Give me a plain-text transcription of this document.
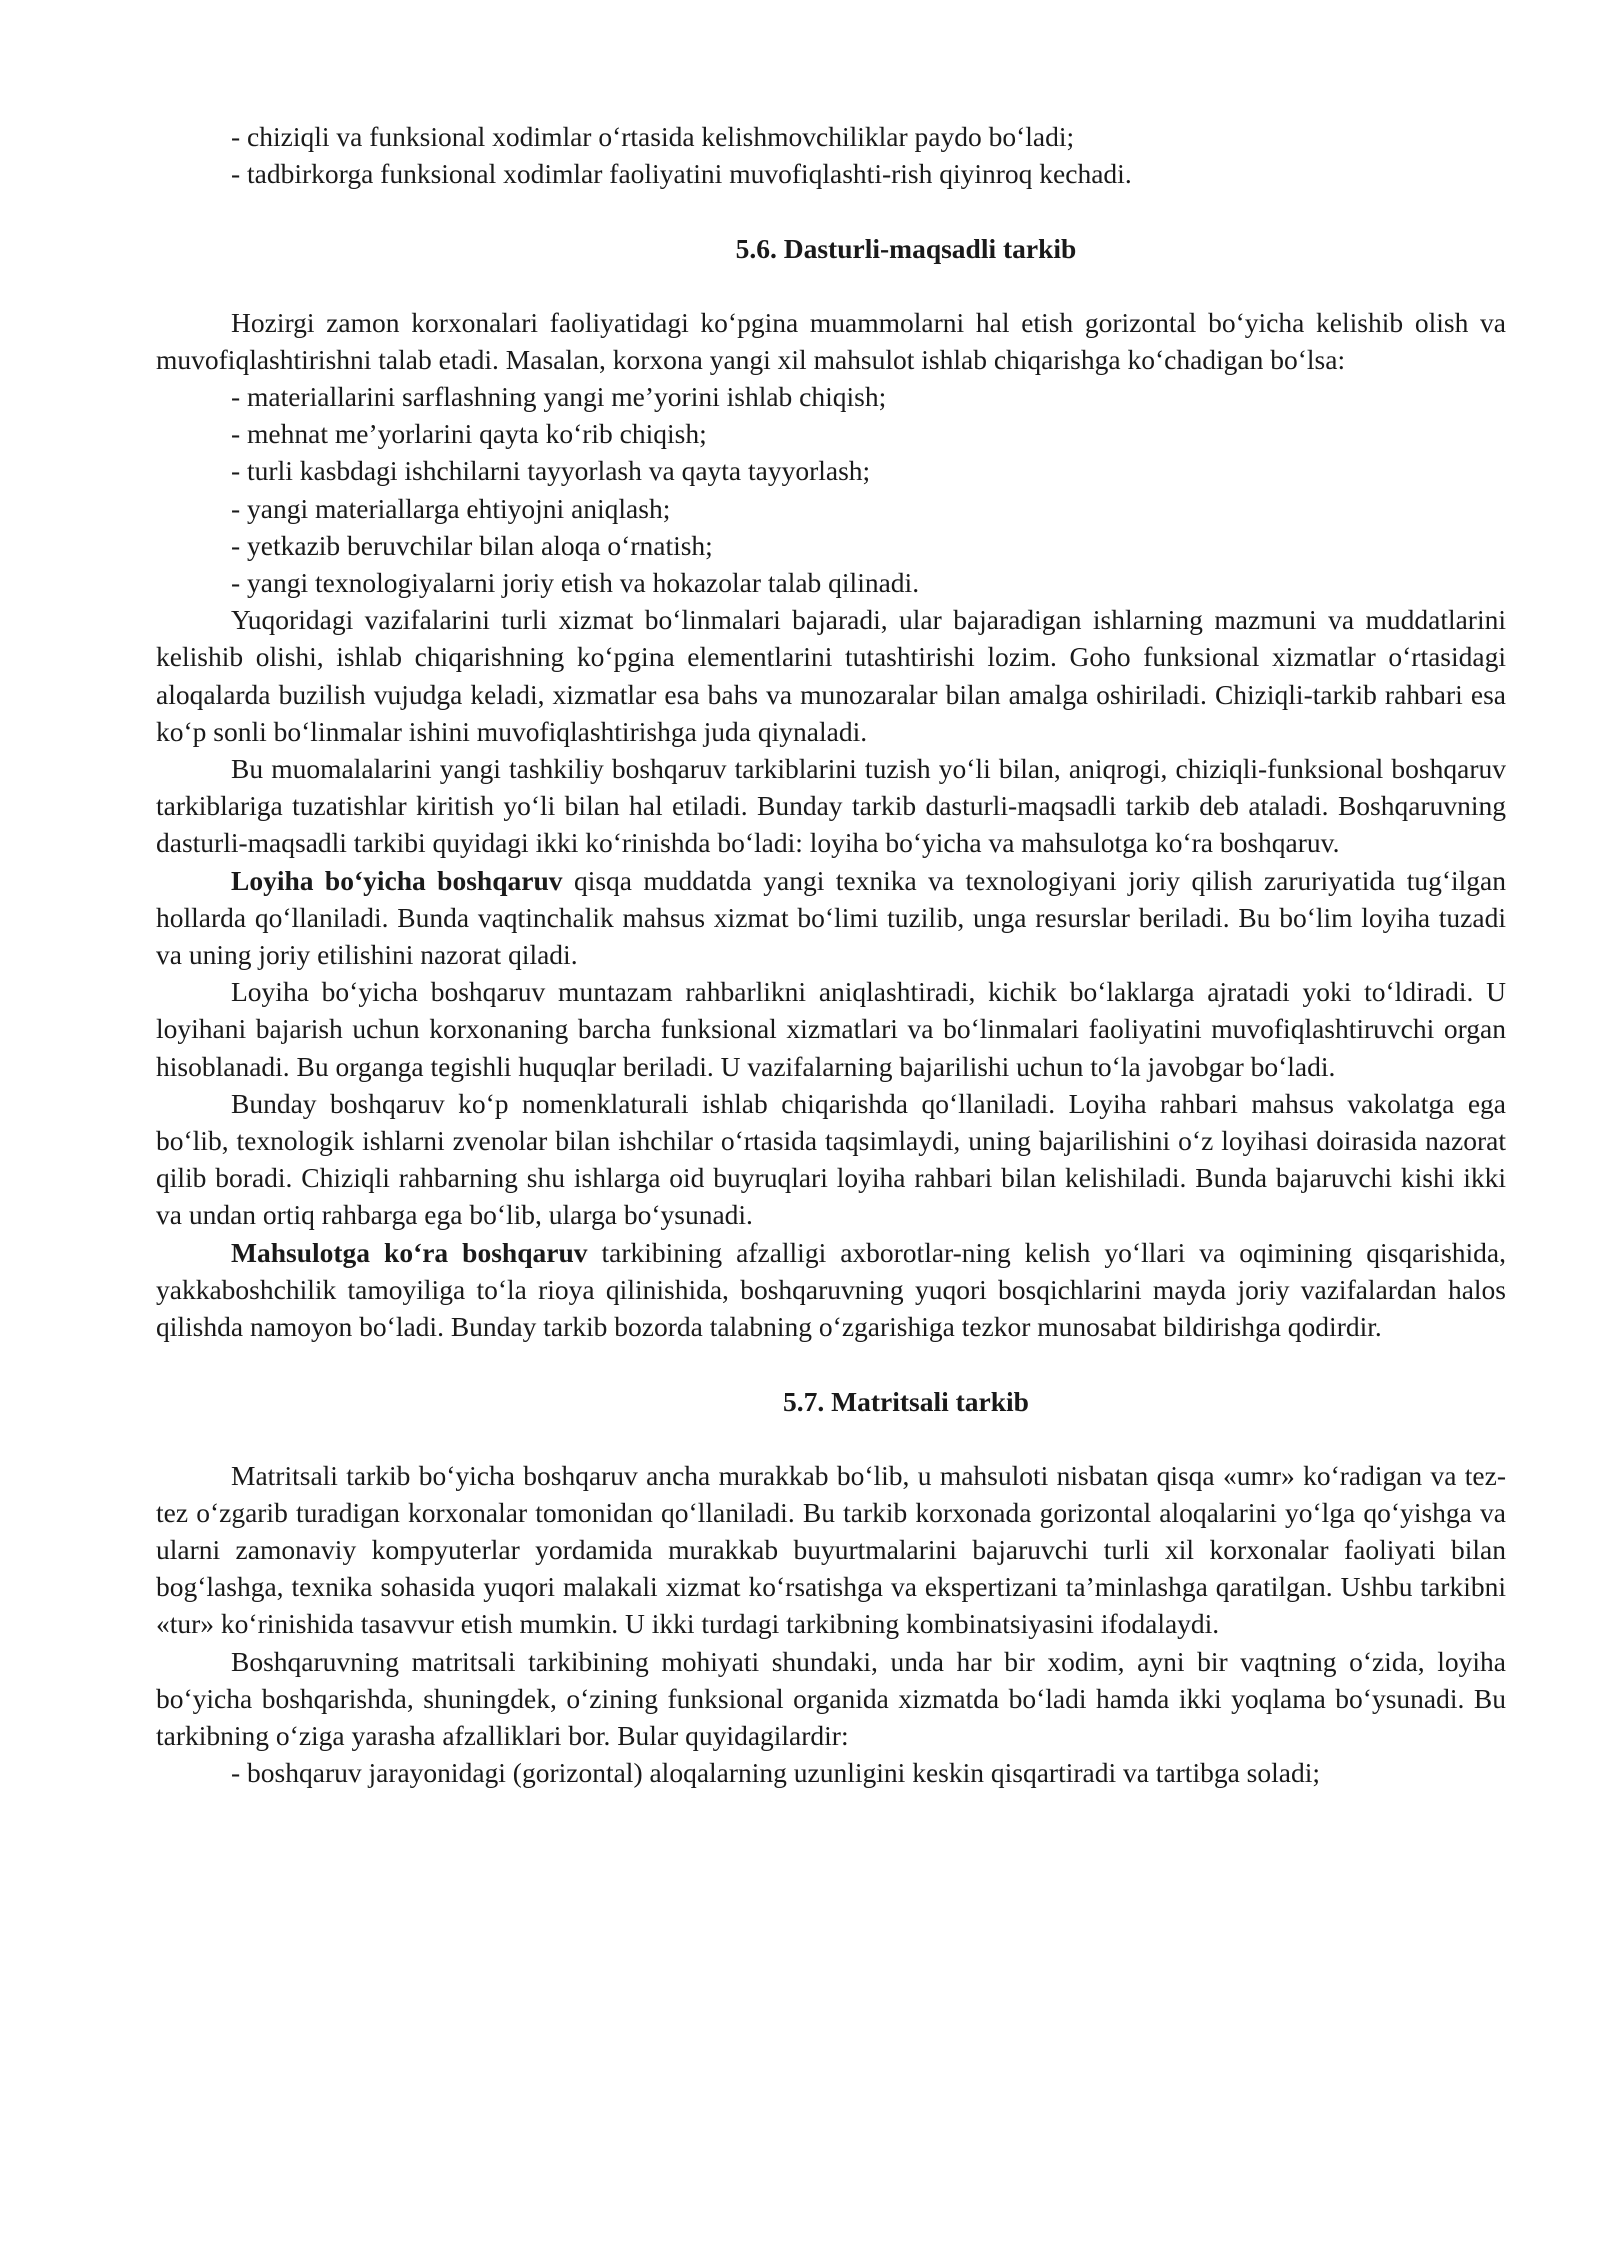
- chiziqli va funksional xodimlar o‘rtasida kelishmovchiliklar paydo bo‘ladi;

- tadbirkorga funksional xodimlar faoliyatini muvofiqlashti-rish qiyinroq kechadi.

5.6. Dasturli-maqsadli tarkib

Hozirgi zamon korxonalari faoliyatidagi ko‘pgina muammolarni hal etish gorizontal bo‘yicha kelishib olish va muvofiqlashtirishni talab etadi. Masalan, korxona yangi xil mahsulot ishlab chiqarishga ko‘chadigan bo‘lsa:

- materiallarini sarflashning yangi me’yorini ishlab chiqish;

- mehnat me’yorlarini qayta ko‘rib chiqish;

- turli kasbdagi ishchilarni tayyorlash va qayta tayyorlash;

- yangi materiallarga ehtiyojni aniqlash;

- yetkazib beruvchilar bilan aloqa o‘rnatish;

- yangi texnologiyalarni joriy etish va hokazolar talab qilinadi.

Yuqoridagi vazifalarini turli xizmat bo‘linmalari bajaradi, ular bajaradigan ishlarning mazmuni va muddatlarini kelishib olishi, ishlab chiqarishning ko‘pgina elementlarini tutashtirishi lozim. Goho funksional xizmatlar o‘rtasidagi aloqalarda buzilish vujudga keladi, xizmatlar esa bahs va munozaralar bilan amalga oshiriladi. Chiziqli-tarkib rahbari esa ko‘p sonli bo‘linmalar ishini muvofiqlashtirishga juda qiynaladi.

Bu muomalalarini yangi tashkiliy boshqaruv tarkiblarini tuzish yo‘li bilan, aniqrogi, chiziqli-funksional boshqaruv tarkiblariga tuzatishlar kiritish yo‘li bilan hal etiladi. Bunday tarkib dasturli-maqsadli tarkib deb ataladi. Boshqaruvning dasturli-maqsadli tarkibi quyidagi ikki ko‘rinishda bo‘ladi: loyiha bo‘yicha va mahsulotga ko‘ra boshqaruv.

Loyiha bo‘yicha boshqaruv qisqa muddatda yangi texnika va texnologiyani joriy qilish zaruriyatida tug‘ilgan hollarda qo‘llaniladi. Bunda vaqtinchalik mahsus xizmat bo‘limi tuzilib, unga resurslar beriladi. Bu bo‘lim loyiha tuzadi va uning joriy etilishini nazorat qiladi.

Loyiha bo‘yicha boshqaruv muntazam rahbarlikni aniqlashtiradi, kichik bo‘laklarga ajratadi yoki to‘ldiradi. U loyihani bajarish uchun korxonaning barcha funksional xizmatlari va bo‘linmalari faoliyatini muvofiqlashtiruvchi organ hisoblanadi. Bu organga tegishli huquqlar beriladi. U vazifalarning bajarilishi uchun to‘la javobgar bo‘ladi.

Bunday boshqaruv ko‘p nomenklaturali ishlab chiqarishda qo‘llaniladi. Loyiha rahbari mahsus vakolatga ega bo‘lib, texnologik ishlarni zvenolar bilan ishchilar o‘rtasida taqsimlaydi, uning bajarilishini o‘z loyihasi doirasida nazorat qilib boradi. Chiziqli rahbarning shu ishlarga oid buyruqlari loyiha rahbari bilan kelishiladi. Bunda bajaruvchi kishi ikki va undan ortiq rahbarga ega bo‘lib, ularga bo‘ysunadi.

Mahsulotga ko‘ra boshqaruv tarkibining afzalligi axborotlar-ning kelish yo‘llari va oqimining qisqarishida, yakkaboshchilik tamoyiliga to‘la rioya qilinishida, boshqaruvning yuqori bosqichlarini mayda joriy vazifalardan halos qilishda namoyon bo‘ladi. Bunday tarkib bozorda talabning o‘zgarishiga tezkor munosabat bildirishga qodirdir.

5.7. Matritsali tarkib

Matritsali tarkib bo‘yicha boshqaruv ancha murakkab bo‘lib, u mahsuloti nisbatan qisqa «umr» ko‘radigan va tez-tez o‘zgarib turadigan korxonalar tomonidan qo‘llaniladi. Bu tarkib korxonada gorizontal aloqalarini yo‘lga qo‘yishga va ularni zamonaviy kompyuterlar yordamida murakkab buyurtmalarini bajaruvchi turli xil korxonalar faoliyati bilan bog‘lashga, texnika sohasida yuqori malakali xizmat ko‘rsatishga va ekspertizani ta’minlashga qaratilgan. Ushbu tarkibni «tur» ko‘rinishida tasavvur etish mumkin. U ikki turdagi tarkibning kombinatsiyasini ifodalaydi.

Boshqaruvning matritsali tarkibining mohiyati shundaki, unda har bir xodim, ayni bir vaqtning o‘zida, loyiha bo‘yicha boshqarishda, shuningdek, o‘zining funksional organida xizmatda bo‘ladi hamda ikki yoqlama bo‘ysunadi. Bu tarkibning o‘ziga yarasha afzalliklari bor. Bular quyidagilardir:

- boshqaruv jarayonidagi (gorizontal) aloqalarning uzunligini keskin qisqartiradi va tartibga soladi;
